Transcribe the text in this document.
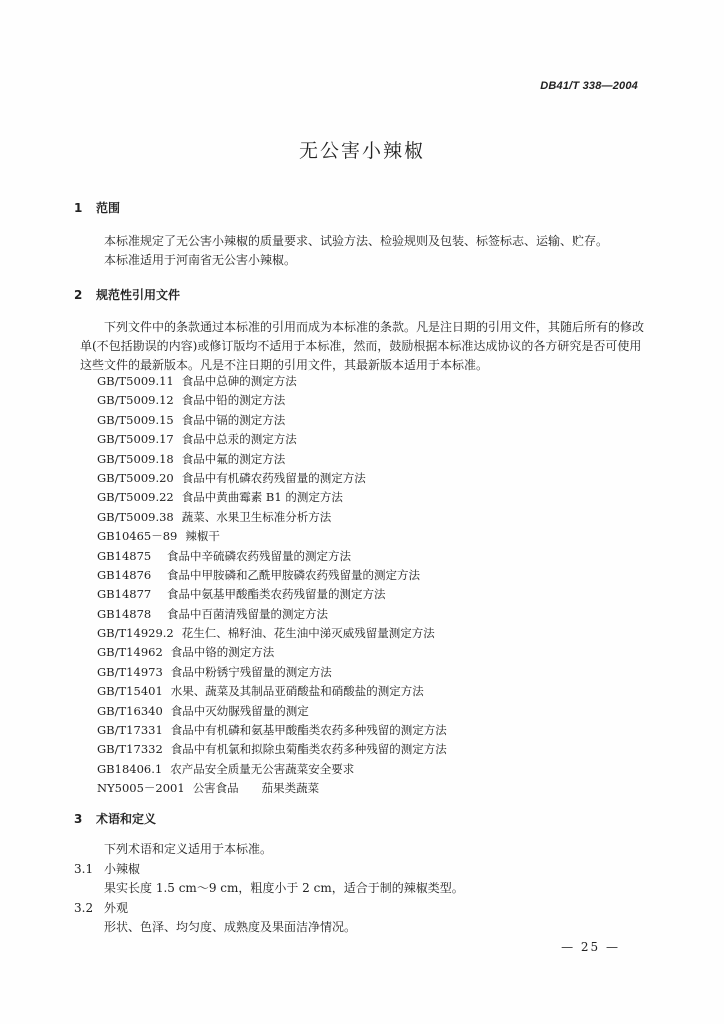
DB41/T 338—2004
无公害小辣椒
1 范围
本标准规定了无公害小辣椒的质量要求、试验方法、检验规则及包装、标签标志、运输、贮存。
本标准适用于河南省无公害小辣椒。
2 规范性引用文件
下列文件中的条款通过本标准的引用而成为本标准的条款。凡是注日期的引用文件，其随后所有的修改单(不包括勘误的内容)或修订版均不适用于本标准，然而，鼓励根据本标准达成协议的各方研究是否可使用这些文件的最新版本。凡是不注日期的引用文件，其最新版本适用于本标准。
GB/T5009.11 食品中总砷的测定方法
GB/T5009.12 食品中铅的测定方法
GB/T5009.15 食品中镉的测定方法
GB/T5009.17 食品中总汞的测定方法
GB/T5009.18 食品中氟的测定方法
GB/T5009.20 食品中有机磷农药残留量的测定方法
GB/T5009.22 食品中黄曲霉素 B1 的测定方法
GB/T5009.38 蔬菜、水果卫生标准分析方法
GB10465－89 辣椒干
GB14875 食品中辛硫磷农药残留量的测定方法
GB14876 食品中甲胺磷和乙酰甲胺磷农药残留量的测定方法
GB14877 食品中氨基甲酸酯类农药残留量的测定方法
GB14878 食品中百菌清残留量的测定方法
GB/T14929.2 花生仁、棉籽油、花生油中涕灭威残留量测定方法
GB/T14962 食品中铬的测定方法
GB/T14973 食品中粉锈宁残留量的测定方法
GB/T15401 水果、蔬菜及其制品亚硝酸盐和硝酸盐的测定方法
GB/T16340 食品中灭幼脲残留量的测定
GB/T17331 食品中有机磷和氨基甲酸酯类农药多种残留的测定方法
GB/T17332 食品中有机氯和拟除虫菊酯类农药多种残留的测定方法
GB18406.1 农产品安全质量无公害蔬菜安全要求
NY5005－2001 公害食品　　茄果类蔬菜
3 术语和定义
下列术语和定义适用于本标准。
3.1 小辣椒
果实长度 1.5 cm～9 cm，粗度小于 2 cm，适合于制的辣椒类型。
3.2 外观
形状、色泽、均匀度、成熟度及果面洁净情况。
— 25 —
